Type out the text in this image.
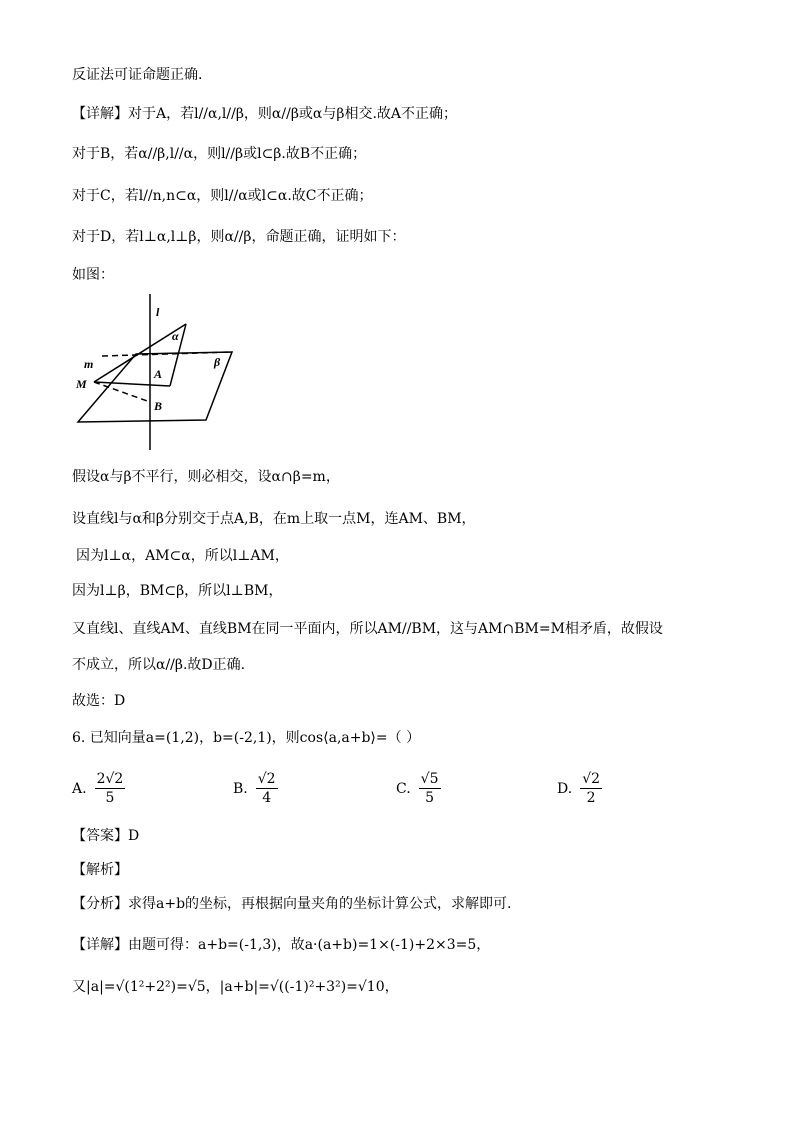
反证法可证命题正确.
【详解】对于A，若l//α,l//β，则α//β或α与β相交.故A不正确；
对于B，若α//β,l//α，则l//β或l⊂β.故B不正确；
对于C，若l//n,n⊂α，则l//α或l⊂α.故C不正确；
对于D，若l⊥α,l⊥β，则α//β，命题正确，证明如下：
如图：
l
α
β
m
M
A
B
假设α与β不平行，则必相交，设α∩β=m，
设直线l与α和β分别交于点A,B，在m上取一点M，连AM、BM，
因为l⊥α，AM⊂α，所以l⊥AM，
因为l⊥β，BM⊂β，所以l⊥BM，
又直线l、直线AM、直线BM在同一平面内，所以AM//BM，这与AM∩BM=M相矛盾，故假设
不成立，所以α//β.故D正确.
故选：D
6. 已知向量a=(1,2)，b=(-2,1)，则cos⟨a,a+b⟩=（ ）
A. $\frac{2√2}{5}$	B. $\frac{√2}{4}$	C. $\frac{√5}{5}$	D. $\frac{√2}{2}$
【答案】D
【解析】
【分析】求得a+b的坐标，再根据向量夹角的坐标计算公式，求解即可.
【详解】由题可得：a+b=(-1,3)，故a·(a+b)=1×(-1)+2×3=5，
又|a|=√(1²+2²)=√5，|a+b|=√((-1)²+3²)=√10，
